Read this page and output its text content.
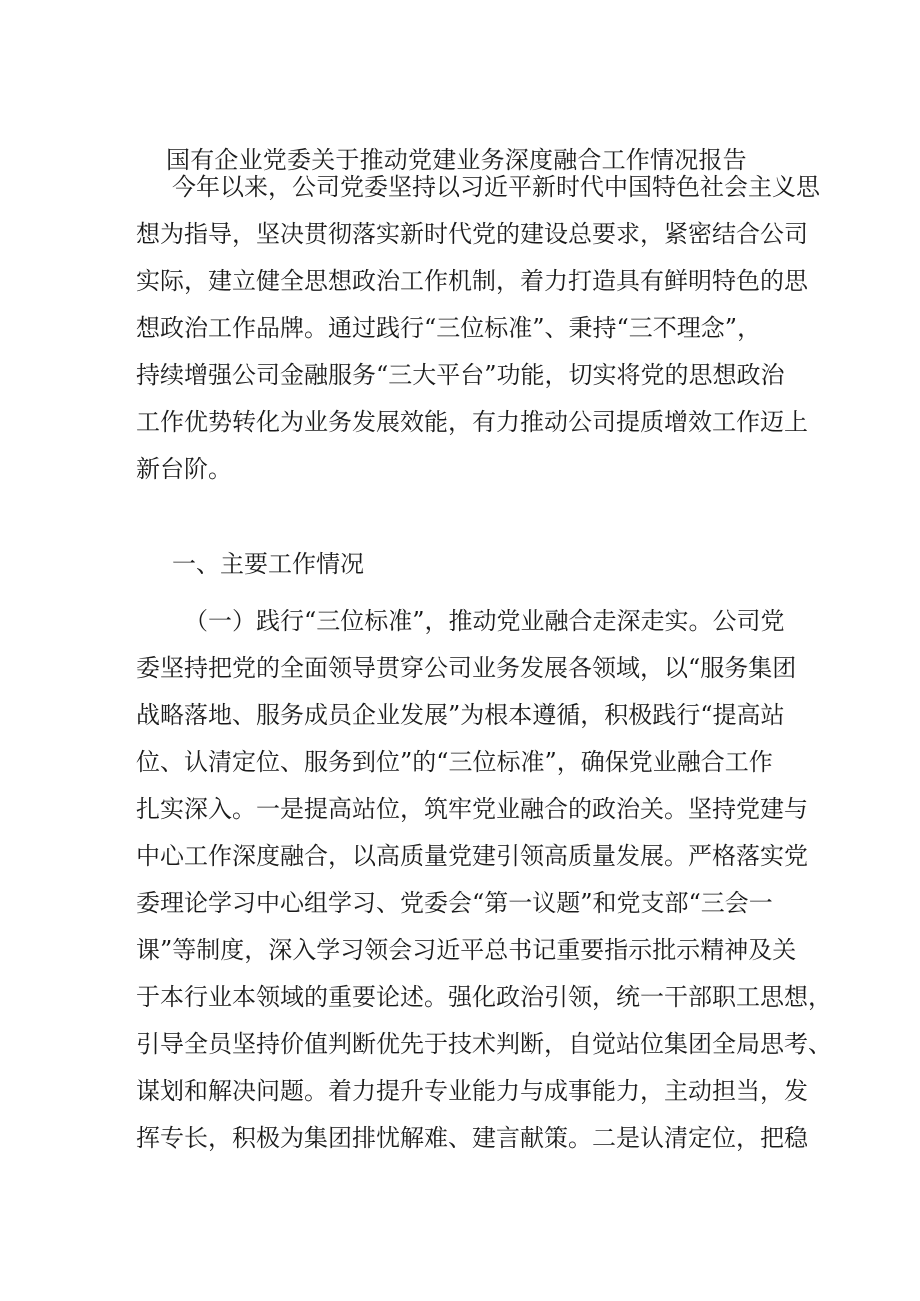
国有企业党委关于推动党建业务深度融合工作情况报告
今年以来，公司党委坚持以习近平新时代中国特色社会主义思
想为指导，坚决贯彻落实新时代党的建设总要求，紧密结合公司
实际，建立健全思想政治工作机制，着力打造具有鲜明特色的思
想政治工作品牌。通过践行“三位标准”、秉持“三不理念”，
持续增强公司金融服务“三大平台”功能，切实将党的思想政治
工作优势转化为业务发展效能，有力推动公司提质增效工作迈上
新台阶。
一、主要工作情况
（一）践行“三位标准”，推动党业融合走深走实。公司党
委坚持把党的全面领导贯穿公司业务发展各领域，以“服务集团
战略落地、服务成员企业发展”为根本遵循，积极践行“提高站
位、认清定位、服务到位”的“三位标准”，确保党业融合工作
扎实深入。一是提高站位，筑牢党业融合的政治关。坚持党建与
中心工作深度融合，以高质量党建引领高质量发展。严格落实党
委理论学习中心组学习、党委会“第一议题”和党支部“三会一
课”等制度，深入学习领会习近平总书记重要指示批示精神及关
于本行业本领域的重要论述。强化政治引领，统一干部职工思想，
引导全员坚持价值判断优先于技术判断，自觉站位集团全局思考、
谋划和解决问题。着力提升专业能力与成事能力，主动担当，发
挥专长，积极为集团排忧解难、建言献策。二是认清定位，把稳
